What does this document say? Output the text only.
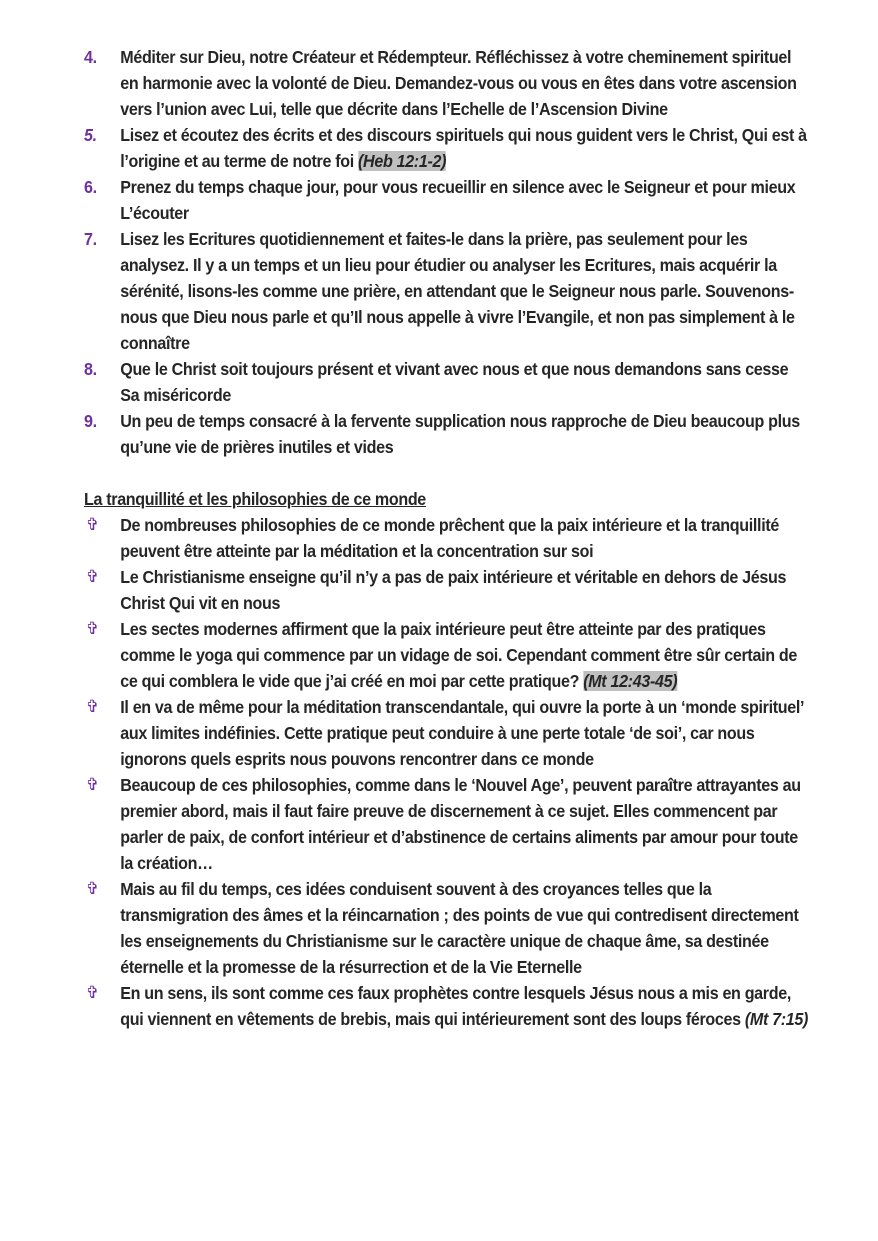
4. Méditer sur Dieu, notre Créateur et Rédempteur. Réfléchissez à votre cheminement spirituel en harmonie avec la volonté de Dieu. Demandez-vous ou vous en êtes dans votre ascension vers l’union avec Lui, telle que décrite dans l’Echelle de l’Ascension Divine
5. Lisez et écoutez des écrits et des discours spirituels qui nous guident vers le Christ, Qui est à l’origine et au terme de notre foi (Heb 12:1-2)
6. Prenez du temps chaque jour, pour vous recueillir en silence avec le Seigneur et pour mieux L’écouter
7. Lisez les Ecritures quotidiennement et faites-le dans la prière, pas seulement pour les analysez. Il y a un temps et un lieu pour étudier ou analyser les Ecritures, mais acquérir la sérénité, lisons-les comme une prière, en attendant que le Seigneur nous parle. Souvenons-nous que Dieu nous parle et qu’Il nous appelle à vivre l’Evangile, et non pas simplement à le connaître
8. Que le Christ soit toujours présent et vivant avec nous et que nous demandons sans cesse Sa miséricorde
9. Un peu de temps consacré à la fervente supplication nous rapproche de Dieu beaucoup plus qu’une vie de prières inutiles et vides
La tranquillité et les philosophies de ce monde
✞ De nombreuses philosophies de ce monde prêchent que la paix intérieure et la tranquillité peuvent être atteinte par la méditation et la concentration sur soi
✞ Le Christianisme enseigne qu’il n’y a pas de paix intérieure et véritable en dehors de Jésus Christ Qui vit en nous
✞ Les sectes modernes affirment que la paix intérieure peut être atteinte par des pratiques comme le yoga qui commence par un vidage de soi. Cependant comment être sûr certain de ce qui comblera le vide que j’ai créé en moi par cette pratique? (Mt 12:43-45)
✞ Il en va de même pour la méditation transcendantale, qui ouvre la porte à un ‘monde spirituel’ aux limites indéfinies. Cette pratique peut conduire à une perte totale ‘de soi’, car nous ignorons quels esprits nous pouvons rencontrer dans ce monde
✞ Beaucoup de ces philosophies, comme dans le ‘Nouvel Age’, peuvent paraître attrayantes au premier abord, mais il faut faire preuve de discernement à ce sujet. Elles commencent par parler de paix, de confort intérieur et d’abstinence de certains aliments par amour pour toute la création…
✞ Mais au fil du temps, ces idées conduisent souvent à des croyances telles que la transmigration des âmes et la réincarnation ; des points de vue qui contredisent directement les enseignements du Christianisme sur le caractère unique de chaque âme, sa destinée éternelle et la promesse de la résurrection et de la Vie Eternelle
✞ En un sens, ils sont comme ces faux prophètes contre lesquels Jésus nous a mis en garde, qui viennent en vêtements de brebis, mais qui intérieurement sont des loups féroces (Mt 7:15)
